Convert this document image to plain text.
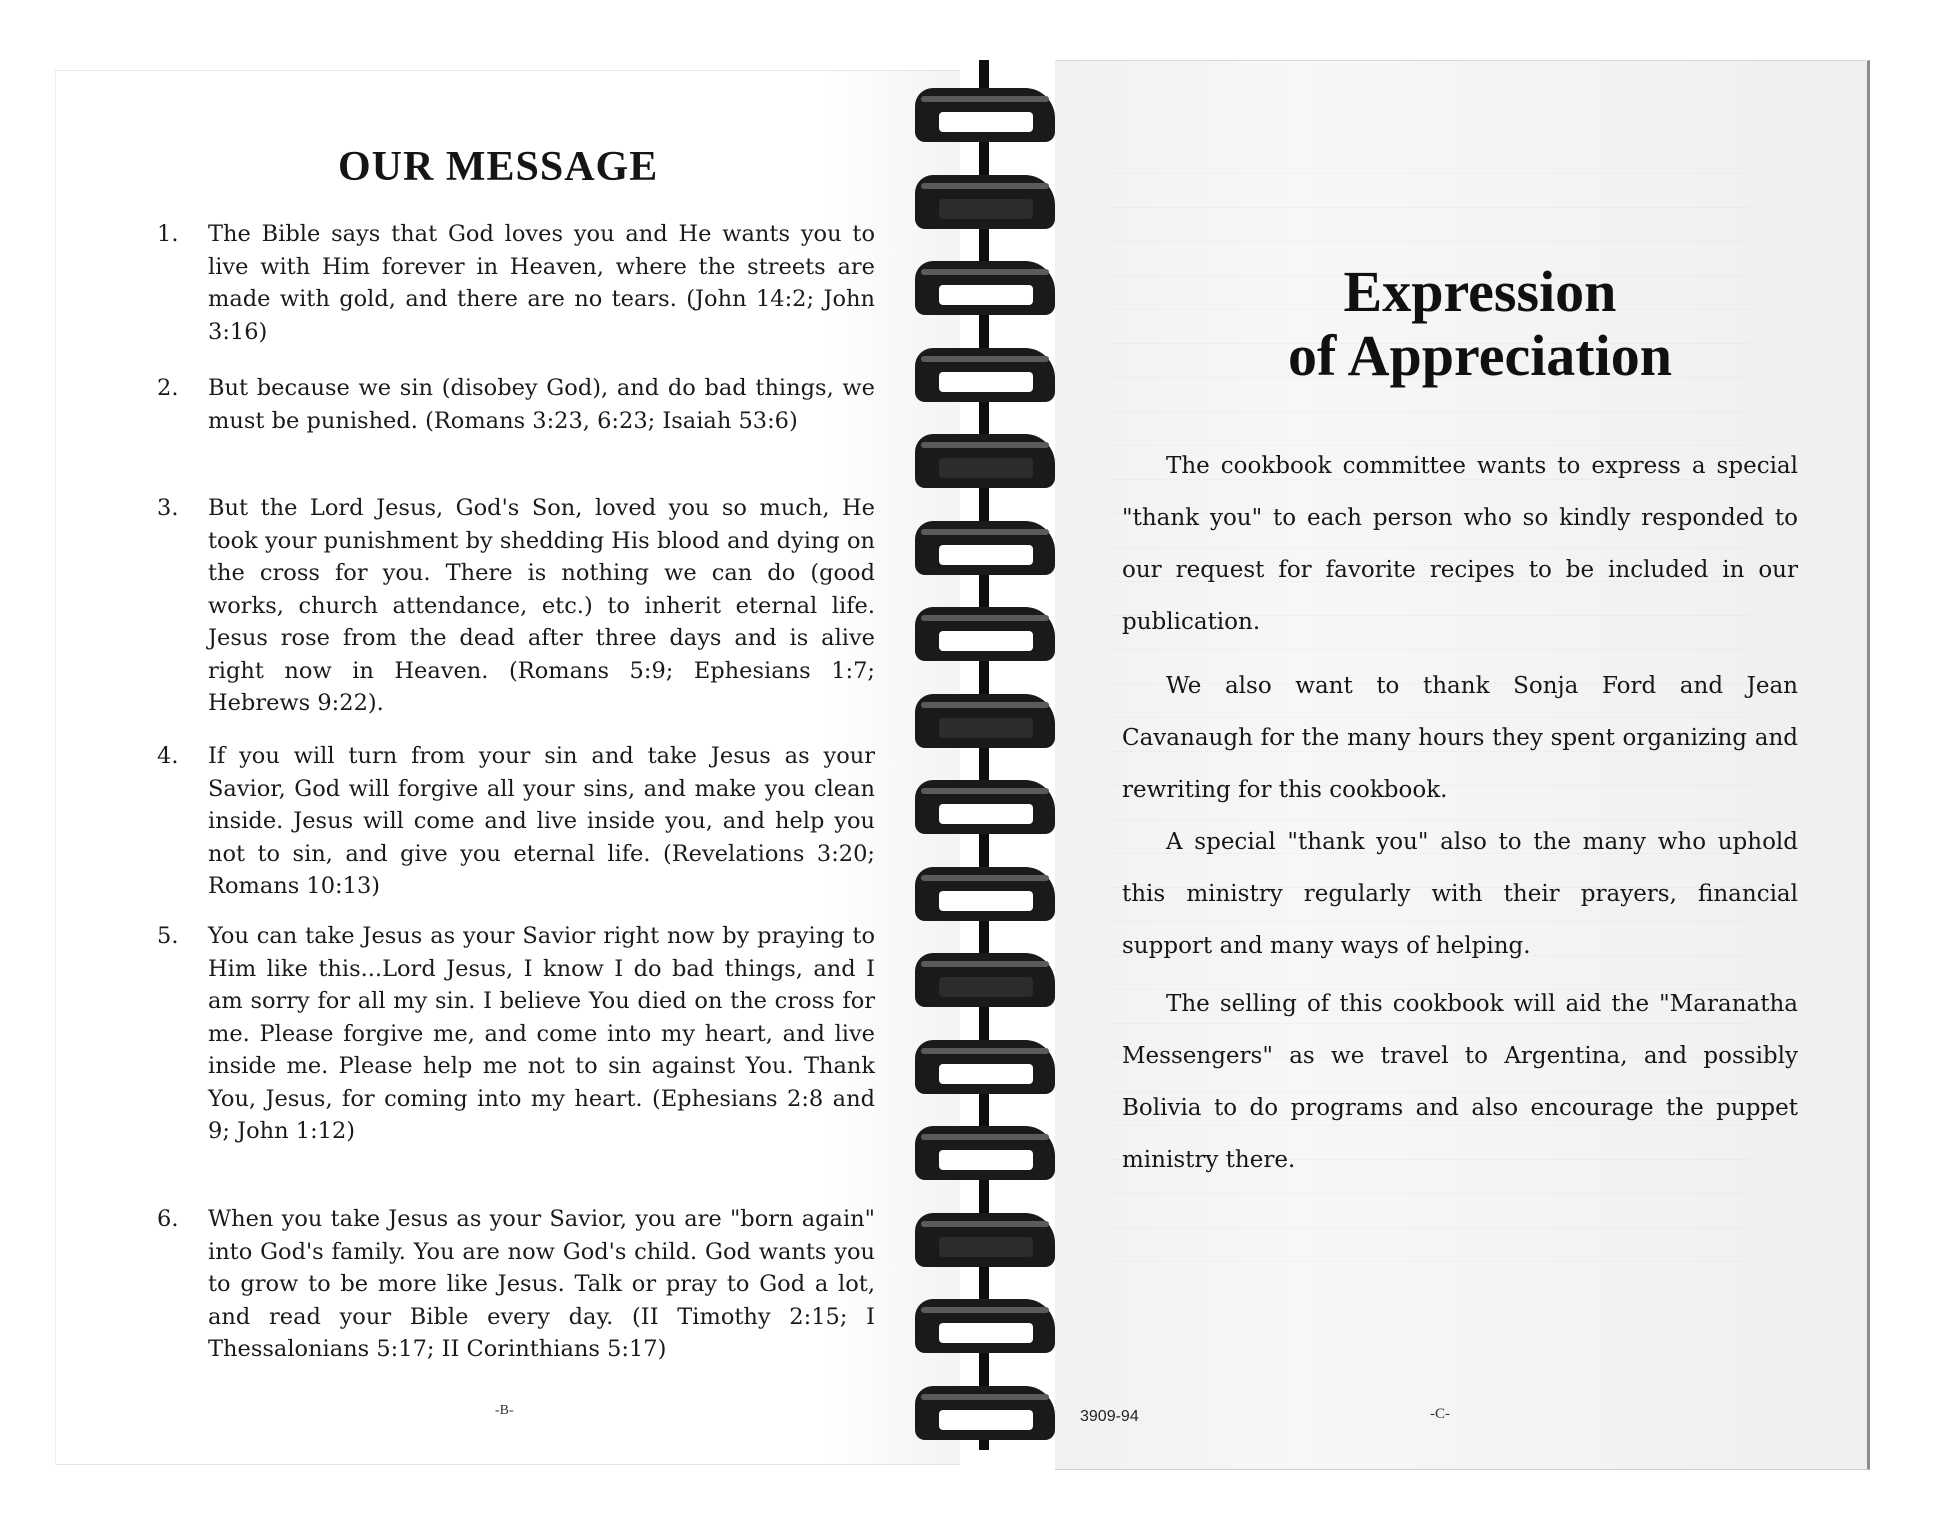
OUR MESSAGE
1.	The Bible says that God loves you and He wants you to live with Him forever in Heaven, where the streets are made with gold, and there are no tears. (John 14:2; John 3:16)
2.	But because we sin (disobey God), and do bad things, we must be punished. (Romans 3:23, 6:23; Isaiah 53:6)
3.	But the Lord Jesus, God's Son, loved you so much, He took your punishment by shedding His blood and dying on the cross for you. There is nothing we can do (good works, church attendance, etc.) to inherit eternal life. Jesus rose from the dead after three days and is alive right now in Heaven. (Romans 5:9; Ephesians 1:7; Hebrews 9:22).
4.	If you will turn from your sin and take Jesus as your Savior, God will forgive all your sins, and make you clean inside. Jesus will come and live inside you, and help you not to sin, and give you eternal life. (Revelations 3:20; Romans 10:13)
5.	You can take Jesus as your Savior right now by praying to Him like this...Lord Jesus, I know I do bad things, and I am sorry for all my sin. I believe You died on the cross for me. Please forgive me, and come into my heart, and live inside me. Please help me not to sin against You. Thank You, Jesus, for coming into my heart. (Ephesians 2:8 and 9; John 1:12)
6.	When you take Jesus as your Savior, you are "born again" into God's family. You are now God's child. God wants you to grow to be more like Jesus. Talk or pray to God a lot, and read your Bible every day. (II Timothy 2:15; I Thessalonians 5:17; II Corinthians 5:17)
-B-
Expression
of Appreciation
The cookbook committee wants to express a special "thank you" to each person who so kindly responded to our request for favorite recipes to be included in our publication.
We also want to thank Sonja Ford and Jean Cavanaugh for the many hours they spent organizing and rewriting for this cookbook.
A special "thank you" also to the many who uphold this ministry regularly with their prayers, financial support and many ways of helping.
The selling of this cookbook will aid the "Maranatha Messengers" as we travel to Argentina, and possibly Bolivia to do programs and also encourage the puppet ministry there.
3909-94	-C-
